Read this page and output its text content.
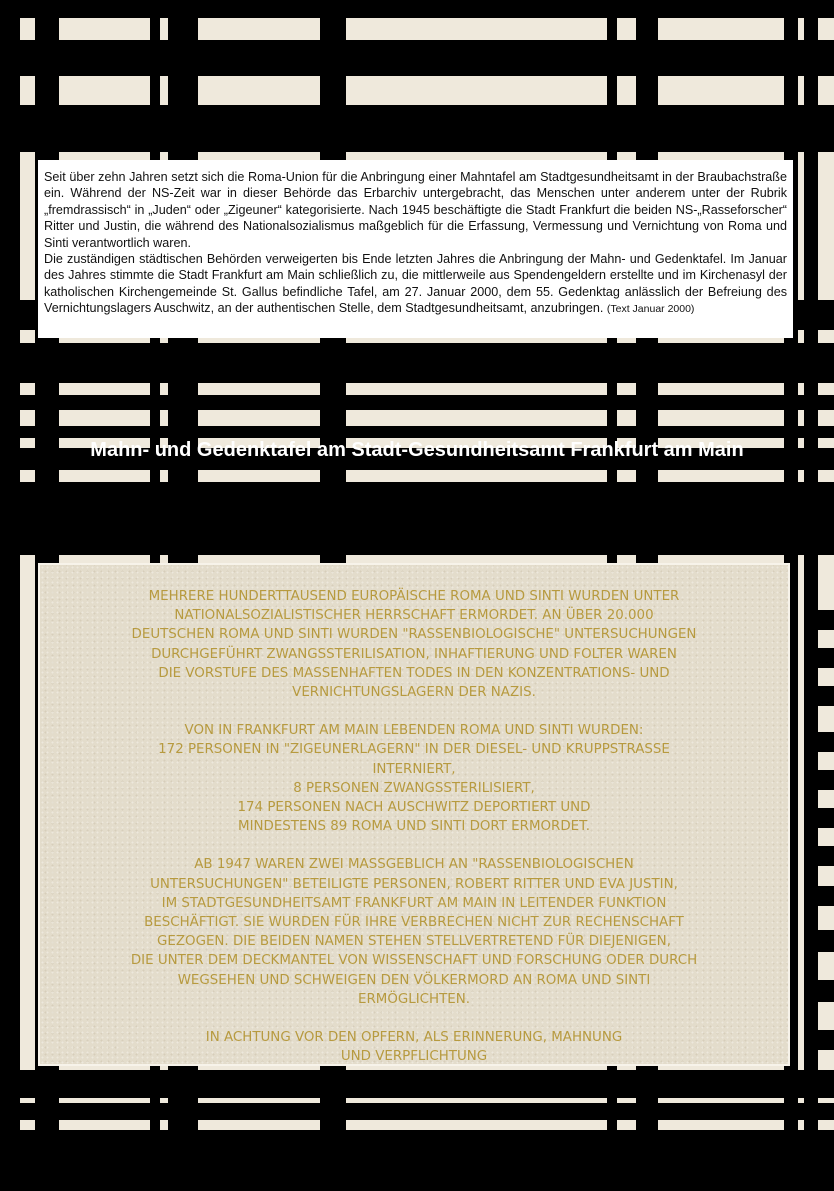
Seit über zehn Jahren setzt sich die Roma-Union für die Anbringung einer Mahntafel am Stadtgesundheitsamt in der Braubachstraße ein. Während der NS-Zeit war in dieser Behörde das Erbarchiv untergebracht, das Menschen unter anderem unter der Rubrik „fremdrassisch“ in „Juden“ oder „Zigeuner“ kategorisierte. Nach 1945 beschäftigte die Stadt Frankfurt die beiden NS-„Rasseforscher“ Ritter und Justin, die während des Nationalsozialismus maßgeblich für die Erfassung, Vermessung und Vernichtung von Roma und Sinti verantwortlich waren.

Die zuständigen städtischen Behörden verweigerten bis Ende letzten Jahres die Anbringung der Mahn- und Gedenktafel. Im Januar des Jahres stimmte die Stadt Frankfurt am Main schließlich zu, die mittlerweile aus Spendengeldern erstellte und im Kirchenasyl der katholischen Kirchengemeinde St. Gallus befindliche Tafel, am 27. Januar 2000, dem 55. Gedenktag anlässlich der Befreiung des Vernichtungslagers Auschwitz, an der authentischen Stelle, dem Stadtgesundheitsamt, anzubringen. (Text Januar 2000)

Mahn- und Gedenktafel am Stadt-Gesundheitsamt Frankfurt am Main
MEHRERE HUNDERTTAUSEND EUROPÄISCHE ROMA UND SINTI WURDEN UNTER
NATIONALSOZIALISTISCHER HERRSCHAFT ERMORDET. AN ÜBER 20.000
DEUTSCHEN ROMA UND SINTI WURDEN "RASSENBIOLOGISCHE" UNTERSUCHUNGEN
DURCHGEFÜHRT ZWANGSSTERILISATION, INHAFTIERUNG UND FOLTER WAREN
DIE VORSTUFE DES MASSENHAFTEN TODES IN DEN KONZENTRATIONS- UND
VERNICHTUNGSLAGERN DER NAZIS.
VON IN FRANKFURT AM MAIN LEBENDEN ROMA UND SINTI WURDEN:
172 PERSONEN IN "ZIGEUNERLAGERN" IN DER DIESEL- UND KRUPPSTRASSE
INTERNIERT,
8 PERSONEN ZWANGSSTERILISIERT,
174 PERSONEN NACH AUSCHWITZ DEPORTIERT UND
MINDESTENS 89 ROMA UND SINTI DORT ERMORDET.
AB 1947 WAREN ZWEI MASSGEBLICH AN "RASSENBIOLOGISCHEN
UNTERSUCHUNGEN" BETEILIGTE PERSONEN, ROBERT RITTER UND EVA JUSTIN,
IM STADTGESUNDHEITSAMT FRANKFURT AM MAIN IN LEITENDER FUNKTION
BESCHÄFTIGT. SIE WURDEN FÜR IHRE VERBRECHEN NICHT ZUR RECHENSCHAFT
GEZOGEN. DIE BEIDEN NAMEN STEHEN STELLVERTRETEND FÜR DIEJENIGEN,
DIE UNTER DEM DECKMANTEL VON WISSENSCHAFT UND FORSCHUNG ODER DURCH
WEGSEHEN UND SCHWEIGEN DEN VÖLKERMORD AN ROMA UND SINTI
ERMÖGLICHTEN.
IN ACHTUNG VOR DEN OPFERN, ALS ERINNERUNG, MAHNUNG
UND VERPFLICHTUNG
